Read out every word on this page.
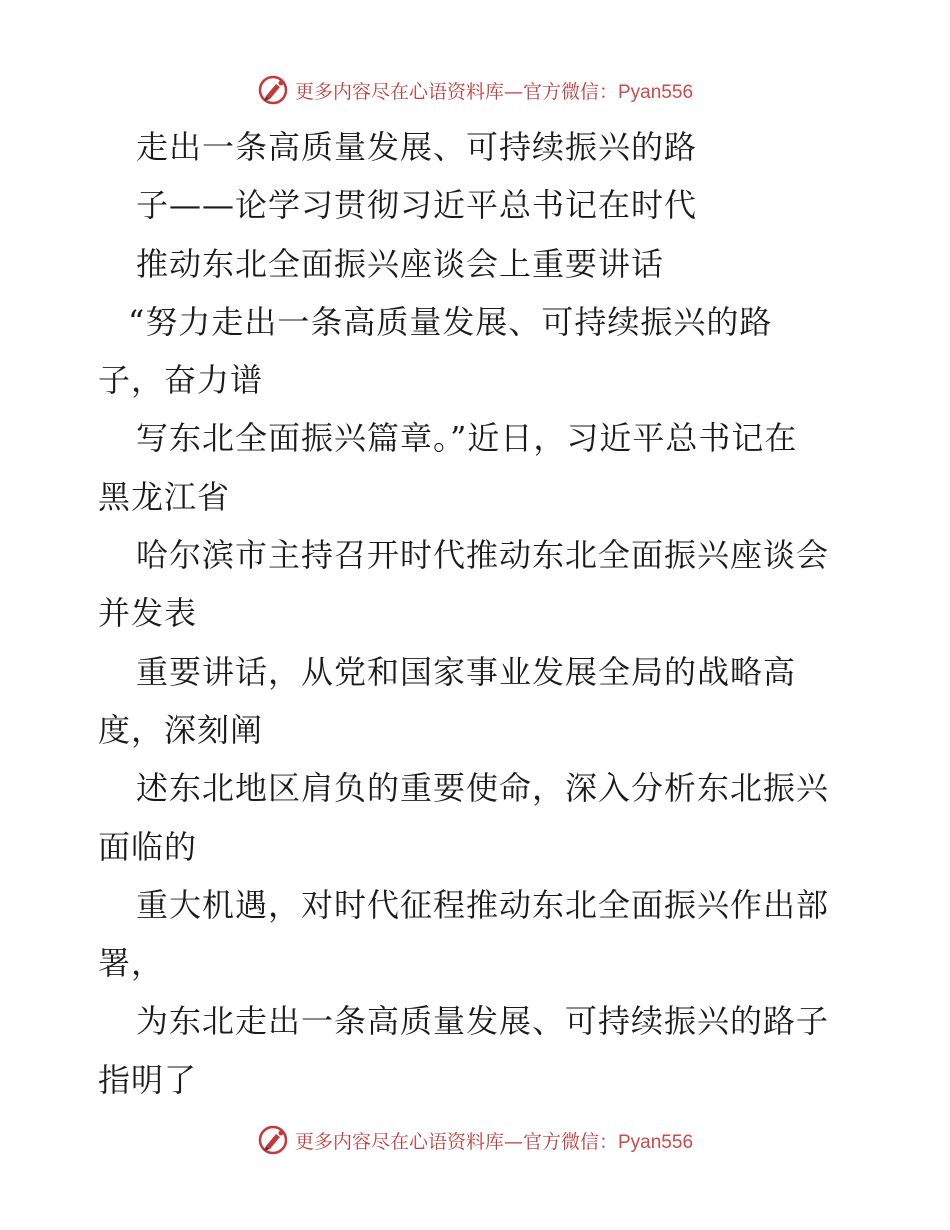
更多内容尽在心语资料库—官方微信：Pyan556
走出一条高质量发展、可持续振兴的路
子——论学习贯彻习近平总书记在时代
推动东北全面振兴座谈会上重要讲话
“努力走出一条高质量发展、可持续振兴的路
子，奋力谱
写东北全面振兴篇章。”近日，习近平总书记在
黑龙江省
哈尔滨市主持召开时代推动东北全面振兴座谈会
并发表
重要讲话，从党和国家事业发展全局的战略高
度，深刻阐
述东北地区肩负的重要使命，深入分析东北振兴
面临的
重大机遇，对时代征程推动东北全面振兴作出部
署，
为东北走出一条高质量发展、可持续振兴的路子
指明了
更多内容尽在心语资料库—官方微信：Pyan556
